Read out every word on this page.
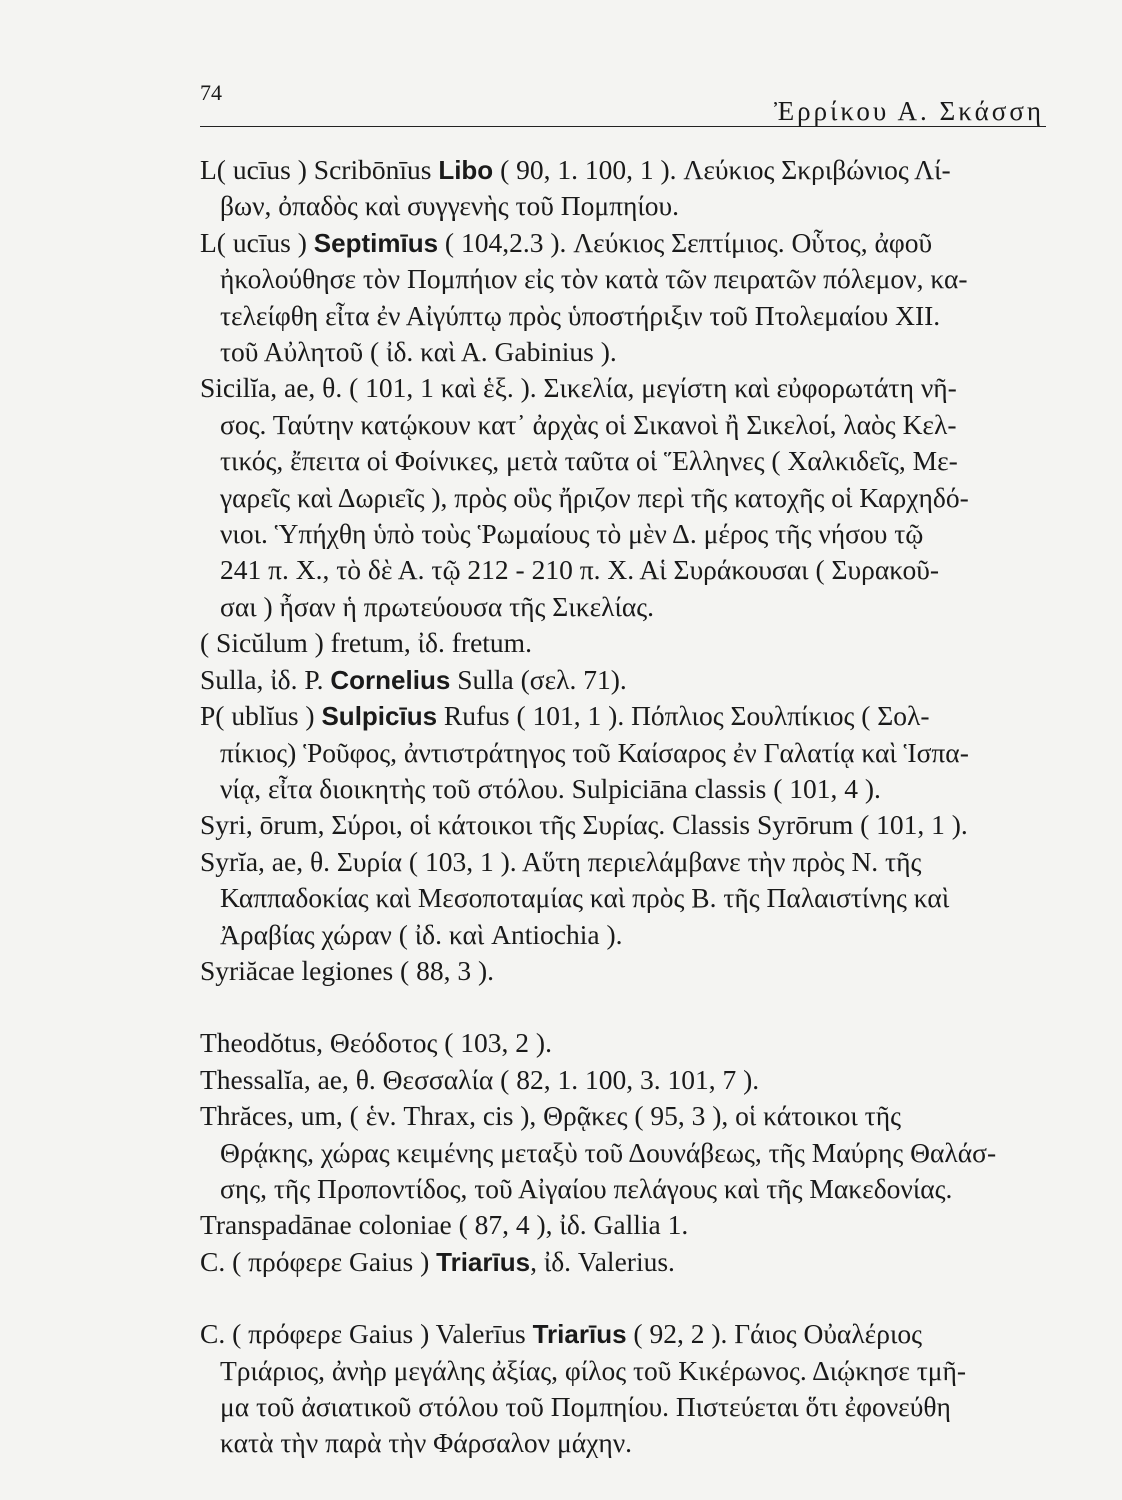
74
Ἐρρίκου Α. Σκάσση
L( ucīus ) Scribōnīus Libo ( 90, 1. 100, 1 ). Λεύκιος Σκριβώνιος Λί-
βων, ὀπαδὸς καὶ συγγενὴς τοῦ Πομπηίου.
L( ucīus ) Septimīus ( 104,2.3 ). Λεύκιος Σεπτίμιος. Οὗτος, ἀφοῦ
ἠκολούθησε τὸν Πομπήιον εἰς τὸν κατὰ τῶν πειρατῶν πόλεμον, κα-
τελείφθη εἶτα ἐν Αἰγύπτῳ πρὸς ὑποστήριξιν τοῦ Πτολεμαίου XII.
τοῦ Αὐλητοῦ ( ἰδ. καὶ Α. Gabinius ).
Sicilĭa, ae, θ. ( 101, 1 καὶ ἑξ. ). Σικελία, μεγίστη καὶ εὐφορωτάτη νῆ-
σος. Ταύτην κατῴκουν κατ᾽ ἀρχὰς οἱ Σικανοὶ ἢ Σικελοί, λαὸς Κελ-
τικός, ἔπειτα οἱ Φοίνικες, μετὰ ταῦτα οἱ Ἕλληνες ( Χαλκιδεῖς, Με-
γαρεῖς καὶ Δωριεῖς ), πρὸς οὓς ἤριζον περὶ τῆς κατοχῆς οἱ Καρχηδό-
νιοι. Ὑπήχθη ὑπὸ τοὺς Ῥωμαίους τὸ μὲν Δ. μέρος τῆς νήσου τῷ
241 π. Χ., τὸ δὲ Α. τῷ 212 - 210 π. Χ. Αἱ Συράκουσαι ( Συρακοῦ-
σαι ) ἦσαν ἡ πρωτεύουσα τῆς Σικελίας.
( Sicŭlum ) fretum, ἰδ. fretum.
Sulla, ἰδ. P. Cornelius Sulla (σελ. 71).
P( ublĭus ) Sulpicīus Rufus ( 101, 1 ). Πόπλιος Σουλπίκιος ( Σολ-
πίκιος) Ῥοῦφος, ἀντιστράτηγος τοῦ Καίσαρος ἐν Γαλατίᾳ καὶ Ἱσπα-
νίᾳ, εἶτα διοικητὴς τοῦ στόλου. Sulpiciāna classis ( 101, 4 ).
Syri, ōrum, Σύροι, οἱ κάτοικοι τῆς Συρίας. Classis Syrōrum ( 101, 1 ).
Syrĭa, ae, θ. Συρία ( 103, 1 ). Αὕτη περιελάμβανε τὴν πρὸς Ν. τῆς
Καππαδοκίας καὶ Μεσοποταμίας καὶ πρὸς Β. τῆς Παλαιστίνης καὶ
Ἀραβίας χώραν ( ἰδ. καὶ Antiochia ).
Syriăcae legiones ( 88, 3 ).
Theodŏtus, Θεόδοτος ( 103, 2 ).
Thessalĭa, ae, θ. Θεσσαλία ( 82, 1. 100, 3. 101, 7 ).
Thrăces, um, ( ἑν. Thrax, cis ), Θρᾷκες ( 95, 3 ), οἱ κάτοικοι τῆς
Θρᾴκης, χώρας κειμένης μεταξὺ τοῦ Δουνάβεως, τῆς Μαύρης Θαλάσ-
σης, τῆς Προποντίδος, τοῦ Αἰγαίου πελάγους καὶ τῆς Μακεδονίας.
Transpadānae coloniae ( 87, 4 ), ἰδ. Gallia 1.
C. ( πρόφερε Gaius ) Triarīus, ἰδ. Valerius.
C. ( πρόφερε Gaius ) Valerīus Triarīus ( 92, 2 ). Γάιος Οὐαλέριος
Τριάριος, ἀνὴρ μεγάλης ἀξίας, φίλος τοῦ Κικέρωνος. Διῴκησε τμῆ-
μα τοῦ ἀσιατικοῦ στόλου τοῦ Πομπηίου. Πιστεύεται ὅτι ἐφονεύθη
κατὰ τὴν παρὰ τὴν Φάρσαλον μάχην.
